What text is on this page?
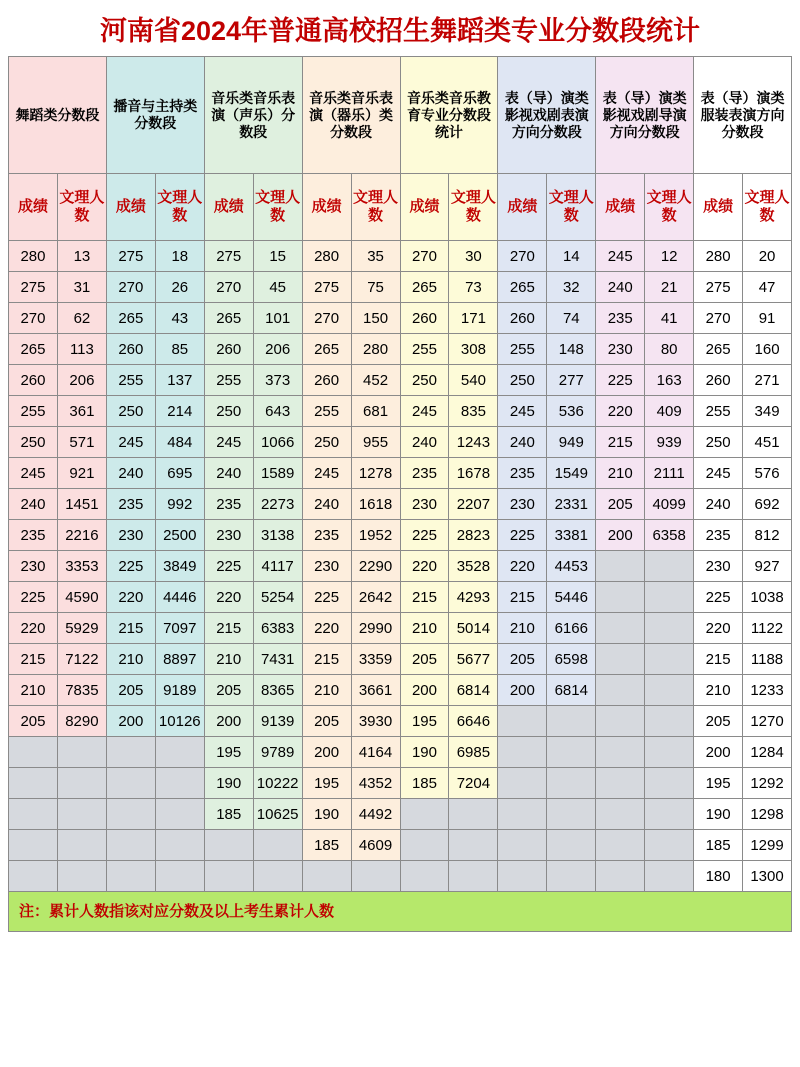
河南省2024年普通高校招生舞蹈类专业分数段统计
舞蹈类分数段		播音与主持类分数段		音乐类音乐表演（声乐）分数段		音乐类音乐表演（器乐）类分数段		音乐类音乐教育专业分数段统计		表（导）演类影视戏剧表演方向分数段		表（导）演类影视戏剧导演方向分数段		表（导）演类服装表演方向分数段	
成绩	文理人数	成绩	文理人数	成绩	文理人数	成绩	文理人数	成绩	文理人数	成绩	文理人数	成绩	文理人数	成绩	文理人数
280	13	275	18	275	15	280	35	270	30	270	14	245	12	280	20
275	31	270	26	270	45	275	75	265	73	265	32	240	21	275	47
270	62	265	43	265	101	270	150	260	171	260	74	235	41	270	91
265	113	260	85	260	206	265	280	255	308	255	148	230	80	265	160
260	206	255	137	255	373	260	452	250	540	250	277	225	163	260	271
255	361	250	214	250	643	255	681	245	835	245	536	220	409	255	349
250	571	245	484	245	1066	250	955	240	1243	240	949	215	939	250	451
245	921	240	695	240	1589	245	1278	235	1678	235	1549	210	2111	245	576
240	1451	235	992	235	2273	240	1618	230	2207	230	2331	205	4099	240	692
235	2216	230	2500	230	3138	235	1952	225	2823	225	3381	200	6358	235	812
230	3353	225	3849	225	4117	230	2290	220	3528	220	4453			230	927
225	4590	220	4446	220	5254	225	2642	215	4293	215	5446			225	1038
220	5929	215	7097	215	6383	220	2990	210	5014	210	6166			220	1122
215	7122	210	8897	210	7431	215	3359	205	5677	205	6598			215	1188
210	7835	205	9189	205	8365	210	3661	200	6814	200	6814			210	1233
205	8290	200	10126	200	9139	205	3930	195	6646					205	1270
				195	9789	200	4164	190	6985					200	1284
				190	10222	195	4352	185	7204					195	1292
				185	10625	190	4492							190	1298
						185	4609							185	1299
														180	1300
注：累计人数指该对应分数及以上考生累计人数
